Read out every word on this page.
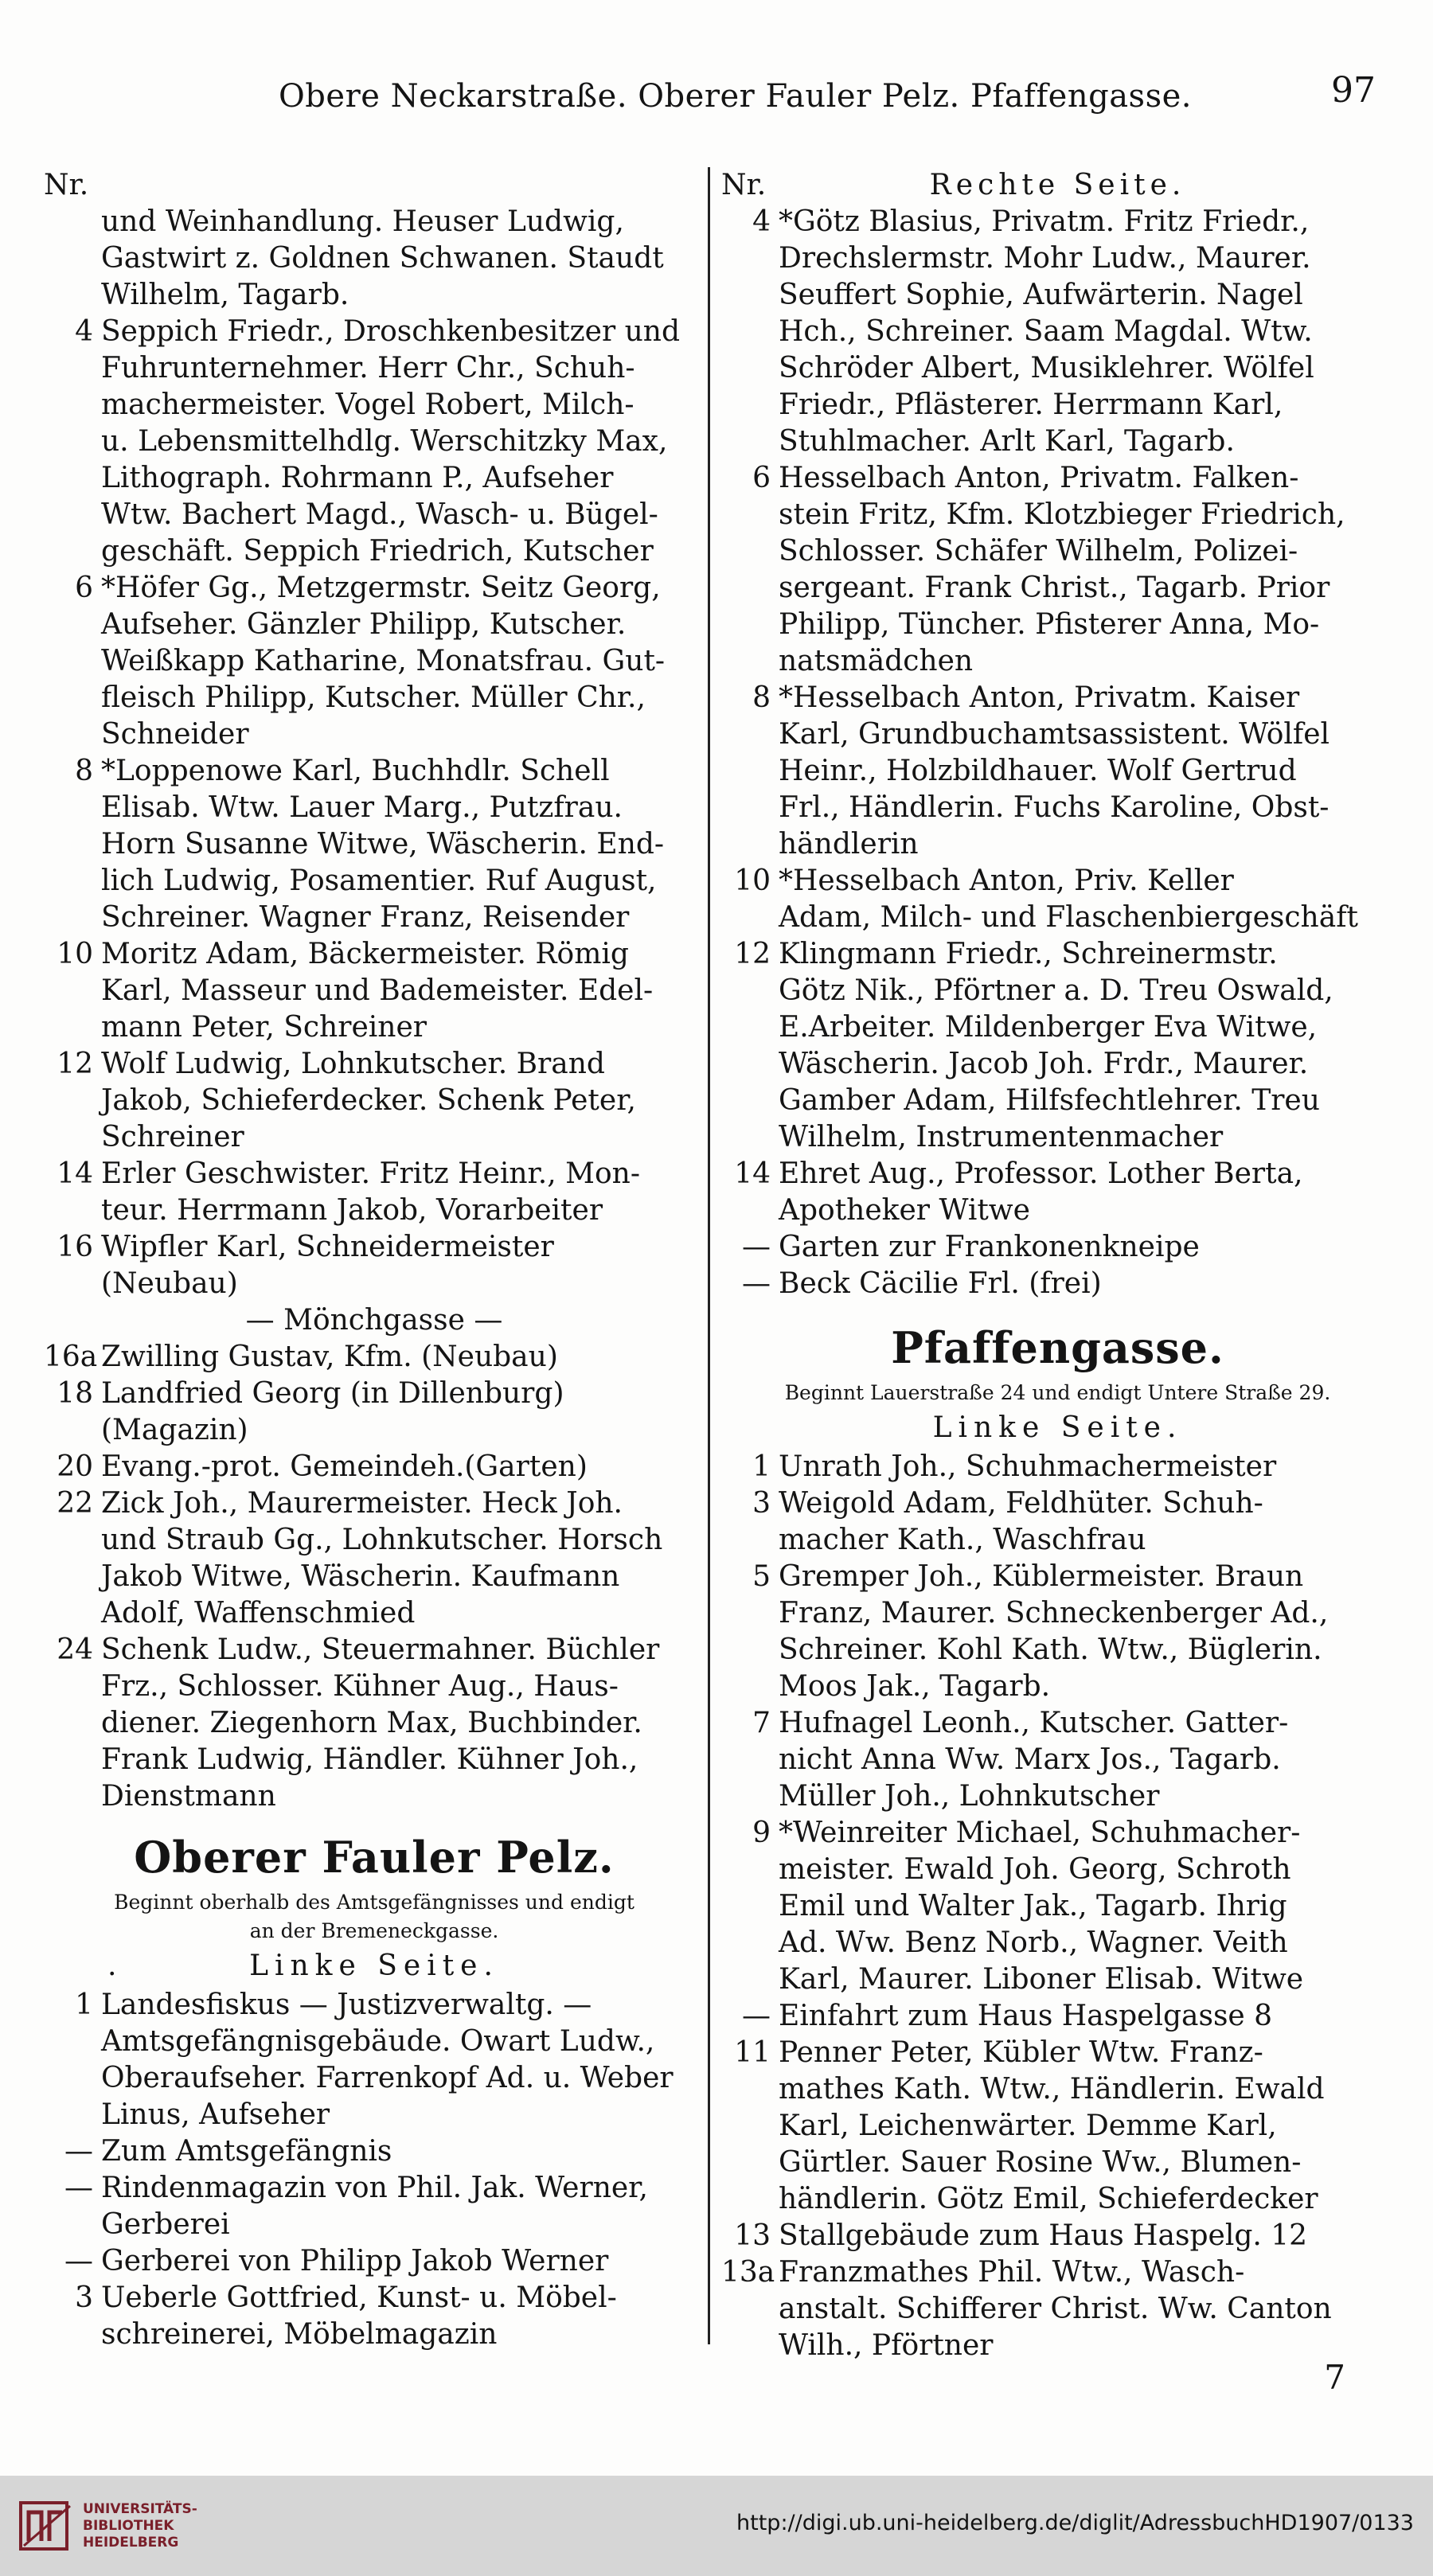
Obere Neckarstraße. Oberer Fauler Pelz. Pfaffengasse.	97
Nr.
und Weinhandlung. Heuser Ludwig,
Gastwirt z. Goldnen Schwanen. Staudt
Wilhelm, Tagarb.
4 Seppich Friedr., Droschkenbesitzer und
Fuhrunternehmer. Herr Chr., Schuh-
machermeister. Vogel Robert, Milch-
u. Lebensmittelhdlg. Werschitzky Max,
Lithograph. Rohrmann P., Aufseher
Wtw. Bachert Magd., Wasch- u. Bügel-
geschäft. Seppich Friedrich, Kutscher
6 *Höfer Gg., Metzgermstr. Seitz Georg,
Aufseher. Gänzler Philipp, Kutscher.
Weißkapp Katharine, Monatsfrau. Gut-
fleisch Philipp, Kutscher. Müller Chr.,
Schneider
8 *Loppenowe Karl, Buchhdlr. Schell
Elisab. Wtw. Lauer Marg., Putzfrau.
Horn Susanne Witwe, Wäscherin. End-
lich Ludwig, Posamentier. Ruf August,
Schreiner. Wagner Franz, Reisender
10 Moritz Adam, Bäckermeister. Römig
Karl, Masseur und Bademeister. Edel-
mann Peter, Schreiner
12 Wolf Ludwig, Lohnkutscher. Brand
Jakob, Schieferdecker. Schenk Peter,
Schreiner
14 Erler Geschwister. Fritz Heinr., Mon-
teur. Herrmann Jakob, Vorarbeiter
16 Wipfler Karl, Schneidermeister
(Neubau)
— Mönchgasse —
16a Zwilling Gustav, Kfm. (Neubau)
18 Landfried Georg (in Dillenburg)
(Magazin)
20 Evang.-prot. Gemeindeh.(Garten)
22 Zick Joh., Maurermeister. Heck Joh.
und Straub Gg., Lohnkutscher. Horsch
Jakob Witwe, Wäscherin. Kaufmann
Adolf, Waffenschmied
24 Schenk Ludw., Steuermahner. Büchler
Frz., Schlosser. Kühner Aug., Haus-
diener. Ziegenhorn Max, Buchbinder.
Frank Ludwig, Händler. Kühner Joh.,
Dienstmann
Oberer Fauler Pelz.
Beginnt oberhalb des Amtsgefängnisses und endigt
an der Bremeneckgasse.
.	Linke Seite.
1 Landesfiskus — Justizverwaltg. —
Amtsgefängnisgebäude. Owart Ludw.,
Oberaufseher. Farrenkopf Ad. u. Weber
Linus, Aufseher
— Zum Amtsgefängnis
— Rindenmagazin von Phil. Jak. Werner,
Gerberei
— Gerberei von Philipp Jakob Werner
3 Ueberle Gottfried, Kunst- u. Möbel-
schreinerei, Möbelmagazin
Nr.	Rechte Seite.
4 *Götz Blasius, Privatm. Fritz Friedr.,
Drechslermstr. Mohr Ludw., Maurer.
Seuffert Sophie, Aufwärterin. Nagel
Hch., Schreiner. Saam Magdal. Wtw.
Schröder Albert, Musiklehrer. Wölfel
Friedr., Pflästerer. Herrmann Karl,
Stuhlmacher. Arlt Karl, Tagarb.
6 Hesselbach Anton, Privatm. Falken-
stein Fritz, Kfm. Klotzbieger Friedrich,
Schlosser. Schäfer Wilhelm, Polizei-
sergeant. Frank Christ., Tagarb. Prior
Philipp, Tüncher. Pfisterer Anna, Mo-
natsmädchen
8 *Hesselbach Anton, Privatm. Kaiser
Karl, Grundbuchamtsassistent. Wölfel
Heinr., Holzbildhauer. Wolf Gertrud
Frl., Händlerin. Fuchs Karoline, Obst-
händlerin
10 *Hesselbach Anton, Priv. Keller
Adam, Milch- und Flaschenbiergeschäft
12 Klingmann Friedr., Schreinermstr.
Götz Nik., Pförtner a. D. Treu Oswald,
E.Arbeiter. Mildenberger Eva Witwe,
Wäscherin. Jacob Joh. Frdr., Maurer.
Gamber Adam, Hilfsfechtlehrer. Treu
Wilhelm, Instrumentenmacher
14 Ehret Aug., Professor. Lother Berta,
Apotheker Witwe
— Garten zur Frankonenkneipe
— Beck Cäcilie Frl. (frei)
Pfaffengasse.
Beginnt Lauerstraße 24 und endigt Untere Straße 29.
Linke Seite.
1 Unrath Joh., Schuhmachermeister
3 Weigold Adam, Feldhüter. Schuh-
macher Kath., Waschfrau
5 Gremper Joh., Küblermeister. Braun
Franz, Maurer. Schneckenberger Ad.,
Schreiner. Kohl Kath. Wtw., Büglerin.
Moos Jak., Tagarb.
7 Hufnagel Leonh., Kutscher. Gatter-
nicht Anna Ww. Marx Jos., Tagarb.
Müller Joh., Lohnkutscher
9 *Weinreiter Michael, Schuhmacher-
meister. Ewald Joh. Georg, Schroth
Emil und Walter Jak., Tagarb. Ihrig
Ad. Ww. Benz Norb., Wagner. Veith
Karl, Maurer. Liboner Elisab. Witwe
— Einfahrt zum Haus Haspelgasse 8
11 Penner Peter, Kübler Wtw. Franz-
mathes Kath. Wtw., Händlerin. Ewald
Karl, Leichenwärter. Demme Karl,
Gürtler. Sauer Rosine Ww., Blumen-
händlerin. Götz Emil, Schieferdecker
13 Stallgebäude zum Haus Haspelg. 12
13a Franzmathes Phil. Wtw., Wasch-
anstalt. Schifferer Christ. Ww. Canton
Wilh., Pförtner
7
UNIVERSITÄTS-
BIBLIOTHEK
HEIDELBERG
http://digi.ub.uni-heidelberg.de/diglit/AdressbuchHD1907/0133
